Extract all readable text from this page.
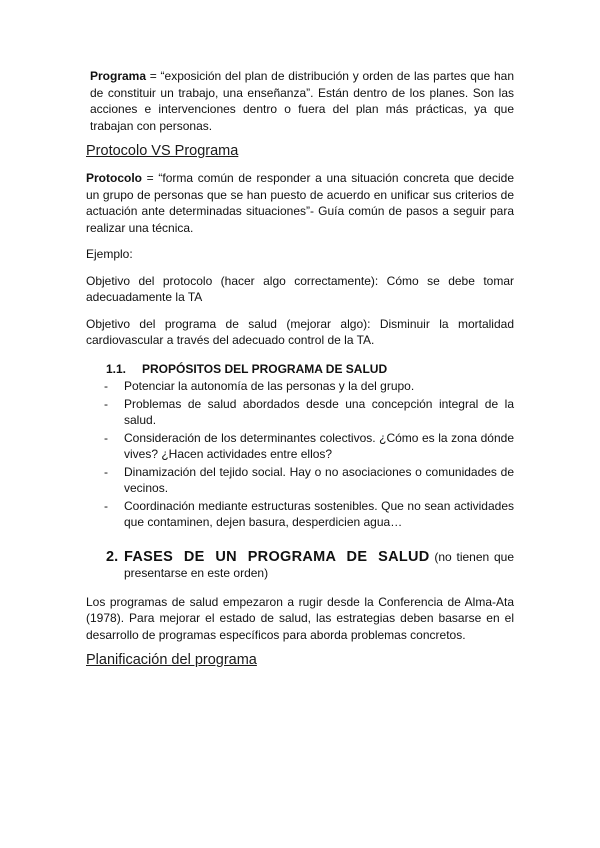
Programa = “exposición del plan de distribución y orden de las partes que han de constituir un trabajo, una enseñanza”. Están dentro de los planes. Son las acciones e intervenciones dentro o fuera del plan más prácticas, ya que trabajan con personas.

Protocolo VS Programa

Protocolo = “forma común de responder a una situación concreta que decide un grupo de personas que se han puesto de acuerdo en unificar sus criterios de actuación ante determinadas situaciones”- Guía común de pasos a seguir para realizar una técnica.

Ejemplo:

Objetivo del protocolo (hacer algo correctamente): Cómo se debe tomar adecuadamente la TA

Objetivo del programa de salud (mejorar algo): Disminuir la mortalidad cardiovascular a través del adecuado control de la TA.

1.1.	PROPÓSITOS DEL PROGRAMA DE SALUD
-	Potenciar la autonomía de las personas y la del grupo.
-	Problemas de salud abordados desde una concepción integral de la salud.
-	Consideración de los determinantes colectivos. ¿Cómo es la zona dónde vives? ¿Hacen actividades entre ellos?
-	Dinamización del tejido social. Hay o no asociaciones o comunidades de vecinos.
-	Coordinación mediante estructuras sostenibles. Que no sean actividades que contaminen, dejen basura, desperdicien agua…
2. FASES DE UN PROGRAMA DE SALUD (no tienen que presentarse en este orden)

Los programas de salud empezaron a rugir desde la Conferencia de Alma-Ata (1978). Para mejorar el estado de salud, las estrategias deben basarse en el desarrollo de programas específicos para aborda problemas concretos.

Planificación del programa
